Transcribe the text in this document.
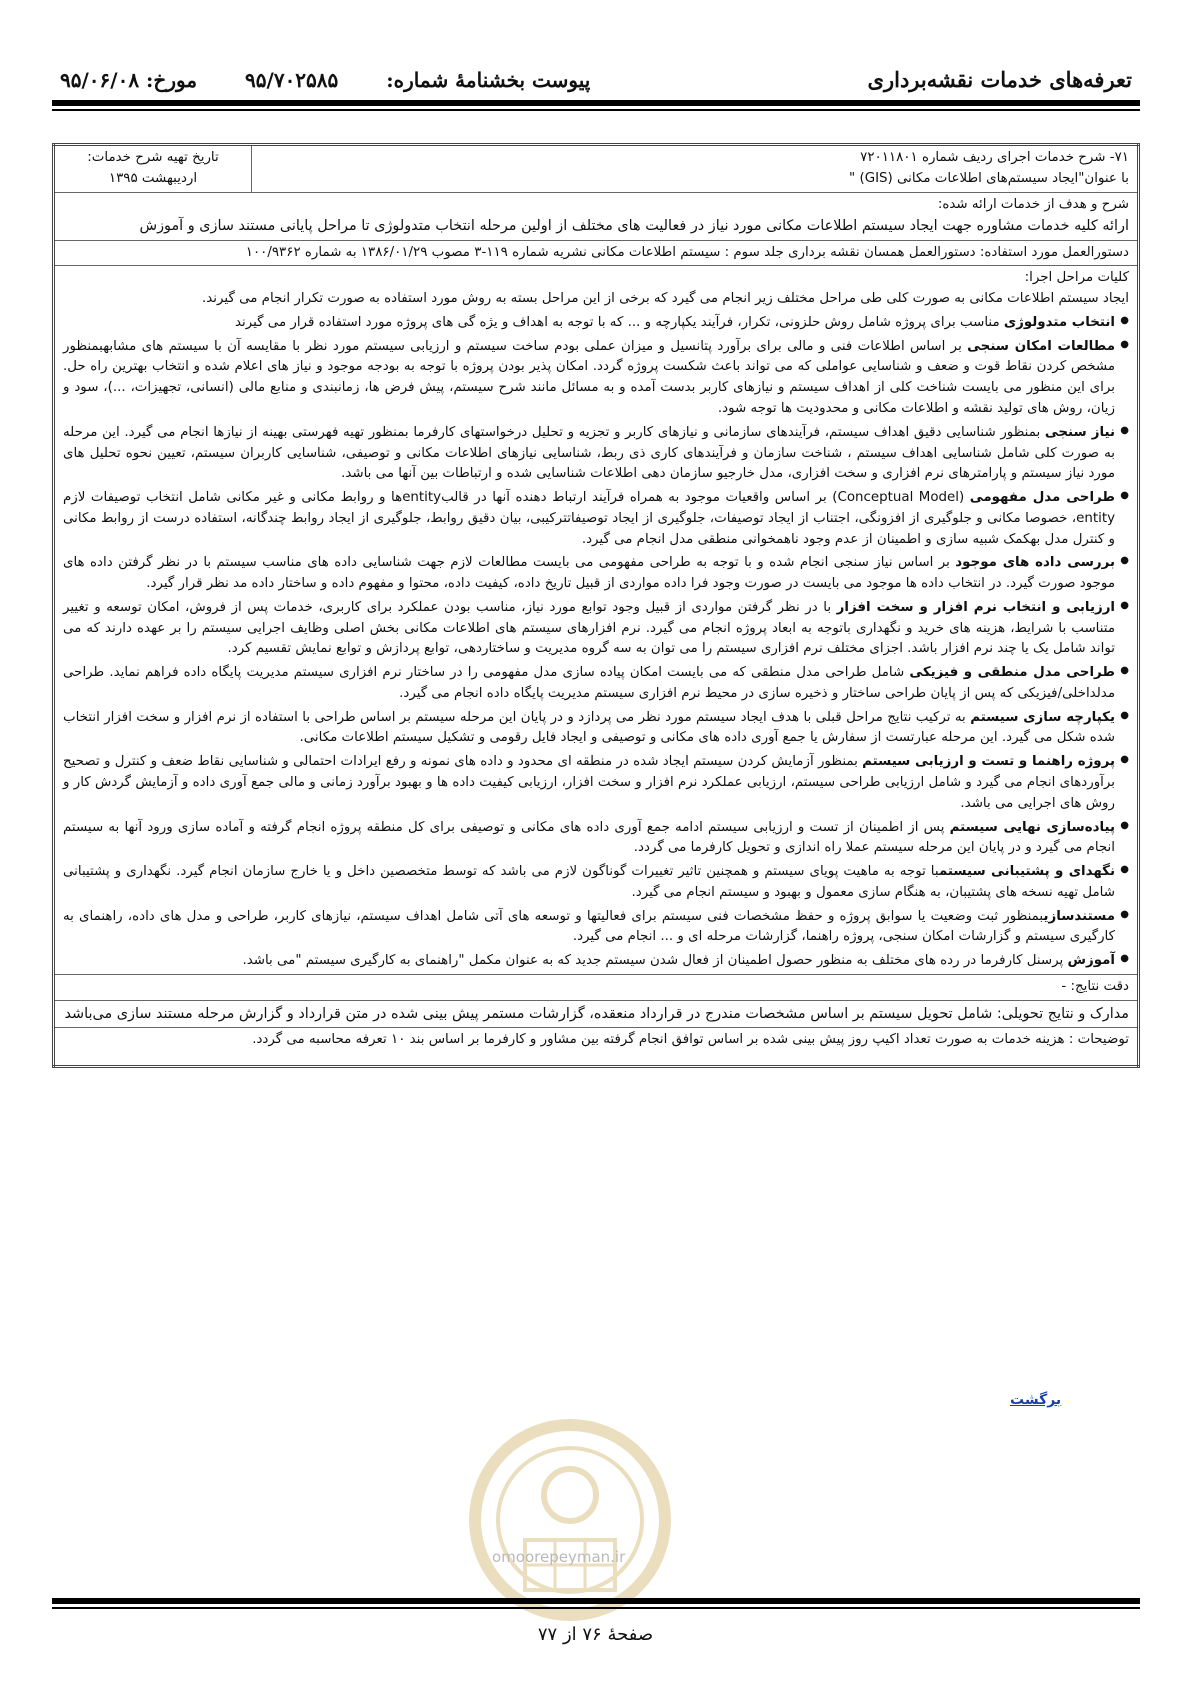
تعرفه‌های خدمات نقشه‌برداری
پیوست بخشنامهٔ شماره:
۹۵/۷۰۲۵۸۵
مورخ: ۹۵/۰۶/۰۸
۷۱- شرح خدمات اجرای ردیف شماره ۷۲۰۱۱۸۰۱
با عنوان"ایجاد سیستم‌های اطلاعات مکانی (GIS) "

تاریخ تهیه شرح خدمات:
اردیبهشت ۱۳۹۵

شرح و هدف از خدمات ارائه شده:
ارائه کلیه خدمات مشاوره جهت ایجاد سیستم اطلاعات مکانی مورد نیاز در فعالیت های مختلف از اولین مرحله انتخاب متدولوژی تا مراحل پایانی مستند سازی و آموزش
دستورالعمل مورد استفاده: دستورالعمل همسان نقشه برداری جلد سوم : سیستم اطلاعات مکانی نشریه شماره ۱۱۹-۳ مصوب ۱۳۸۶/۰۱/۲۹ به شماره ۱۰۰/۹۳۶۲

کلیات مراحل اجرا:
ایجاد سیستم اطلاعات مکانی به صورت کلی طی مراحل مختلف زیر انجام می گیرد که برخی از این مراحل بسته به روش مورد استفاده به صورت تکرار انجام می گیرند.
● انتخاب متدولوژی مناسب برای پروژه شامل روش حلزونی، تکرار، فرآیند یکپارچه و ... که با توجه به اهداف و یژه گی های پروژه مورد استفاده قرار می گیرند
● مطالعات امکان سنجی بر اساس اطلاعات فنی و مالی برای برآورد پتانسیل و میزان عملی بودم ساخت سیستم و ارزیابی سیستم مورد نظر با مقایسه آن با سیستم های مشابهبمنظور مشخص کردن نقاط قوت و ضعف و شناسایی عواملی که می تواند باعث شکست پروژه گردد. امکان پذیر بودن پروژه با توجه به بودجه موجود و نیاز های اعلام شده و انتخاب بهترین راه حل. برای این منظور می بایست شناخت کلی از اهداف سیستم و نیازهای کاربر بدست آمده و به مسائل مانند شرح سیستم، پیش فرض ها، زمانبندی و منابع مالی (انسانی، تجهیزات، ...)، سود و زیان، روش های تولید نقشه و اطلاعات مکانی و محدودیت ها توجه شود.
● نیاز سنجی بمنظور شناسایی دقیق اهداف سیستم، فرآیندهای سازمانی و نیازهای کاربر و تجزیه و تحلیل درخواستهای کارفرما بمنظور تهیه فهرستی بهینه از نیازها انجام می گیرد. این مرحله به صورت کلی شامل شناسایی اهداف سیستم ، شناخت سازمان و فرآیندهای کاری ذی ربط، شناسایی نیازهای اطلاعات مکانی و توصیفی، شناسایی کاربران سیستم، تعیین نحوه تحلیل های مورد نیاز سیستم و پارامترهای نرم افزاری و سخت افزاری، مدل خارجیو سازمان دهی اطلاعات شناسایی شده و ارتباطات بین آنها می باشد.
● طراحی مدل مفهومی (Conceptual Model) بر اساس واقعیات موجود به همراه فرآیند ارتباط دهنده آنها در قالبentityها و روابط مکانی و غیر مکانی شامل انتخاب توصیفات لازم entity، خصوصا مکانی و جلوگیری از افزونگی، اجتناب از ایجاد توصیفات، جلوگیری از ایجاد توصیفاتترکیبی، بیان دقیق روابط، جلوگیری از ایجاد روابط چندگانه، استفاده درست از روابط مکانی و کنترل مدل بهکمک شبیه سازی و اطمینان از عدم وجود ناهمخوانی منطقی مدل انجام می گیرد.
● بررسی داده های موجود بر اساس نیاز سنجی انجام شده و با توجه به طراحی مفهومی می بایست مطالعات لازم جهت شناسایی داده های مناسب سیستم با در نظر گرفتن داده های موجود صورت گیرد. در انتخاب داده ها موجود می بایست در صورت وجود فرا داده مواردی از قبیل تاریخ داده، کیفیت داده، محتوا و مفهوم داده و ساختار داده مد نظر قرار گیرد.
● ارزیابی و انتخاب نرم افزار و سخت افزار با در نظر گرفتن مواردی از قبیل وجود توابع مورد نیاز، مناسب بودن عملکرد برای کاربری، خدمات پس از فروش، امکان توسعه و تغییر متناسب با شرایط، هزینه های خرید و نگهداری باتوجه به ابعاد پروژه انجام می گیرد. نرم افزارهای سیستم های اطلاعات مکانی بخش اصلی وظایف اجرایی سیستم را بر عهده دارند که می تواند شامل یک یا چند نرم افزار باشد. اجزای مختلف نرم افزاری سیستم را می توان به سه گروه مدیریت و ساختاردهی، توابع پردازش و توابع نمایش تقسیم کرد.
● طراحی مدل منطقی و فیزیکی شامل طراحی مدل منطقی که می بایست امکان پیاده سازی مدل مفهومی را در ساختار نرم افزاری سیستم مدیریت پایگاه داده فراهم نماید. طراحی مدلداخلی/فیزیکی که پس از پایان طراحی ساختار و ذخیره سازی در محیط نرم افزاری سیستم مدیریت پایگاه داده انجام می گیرد.
● یکپارچه سازی سیستم به ترکیب نتایج مراحل قبلی با هدف ایجاد سیستم مورد نظر می پردازد و در پایان این مرحله سیستم بر اساس طراحی با استفاده از نرم افزار و سخت افزار انتخاب شده شکل می گیرد. این مرحله عبارتست از سفارش یا جمع آوری داده های مکانی و توصیفی و ایجاد فایل رقومی و تشکیل سیستم اطلاعات مکانی.
● پروژه راهنما و تست و ارزیابی سیستم بمنظور آزمایش کردن سیستم ایجاد شده در منطقه ای محدود و داده های نمونه و رفع ایرادات احتمالی و شناسایی نقاط ضعف و کنترل و تصحیح برآوردهای انجام می گیرد و شامل ارزیابی طراحی سیستم، ارزیابی عملکرد نرم افزار و سخت افزار، ارزیابی کیفیت داده ها و بهبود برآورد زمانی و مالی جمع آوری داده و آزمایش گردش کار و روش های اجرایی می باشد.
● پیاده‌سازی نهایی سیستم پس از اطمینان از تست و ارزیابی سیستم ادامه جمع آوری داده های مکانی و توصیفی برای کل منطقه پروژه انجام گرفته و آماده سازی ورود آنها به سیستم انجام می گیرد و در پایان این مرحله سیستم عملا راه اندازی و تحویل کارفرما می گردد.
● نگهدای و پشتیبانی سیستمبا توجه به ماهیت پویای سیستم و همچنین تاثیر تغییرات گوناگون لازم می باشد که توسط متخصصین داخل و یا خارج سازمان انجام گیرد. نگهداری و پشتیبانی شامل تهیه نسخه های پشتیبان، به هنگام سازی معمول و بهبود و سیستم انجام می گیرد.
● مستندسازیبمنظور ثبت وضعیت یا سوابق پروژه و حفظ مشخصات فنی سیستم برای فعالیتها و توسعه های آتی شامل اهداف سیستم، نیازهای کاربر، طراحی و مدل های داده، راهنمای به کارگیری سیستم و گزارشات امکان سنجی، پروژه راهنما، گزارشات مرحله ای و ... انجام می گیرد.
● آموزش پرسنل کارفرما در رده های مختلف به منظور حصول اطمینان از فعال شدن سیستم جدید که به عنوان مکمل "راهنمای به کارگیری سیستم "می باشد.

دقت نتایج: -
مدارک و نتایج تحویلی: شامل تحویل سیستم بر اساس مشخصات مندرج در قرارداد منعقده، گزارشات مستمر پیش بینی شده در متن قرارداد و گزارش مرحله مستند سازی می‌باشد
توضیحات : هزینه خدمات به صورت تعداد اکیپ روز پیش بینی شده بر اساس توافق انجام گرفته بین مشاور و کارفرما بر اساس بند ۱۰ تعرفه محاسبه می گردد.
برگشت
omoorepeyman.ir
صفحهٔ ۷۶ از ۷۷
